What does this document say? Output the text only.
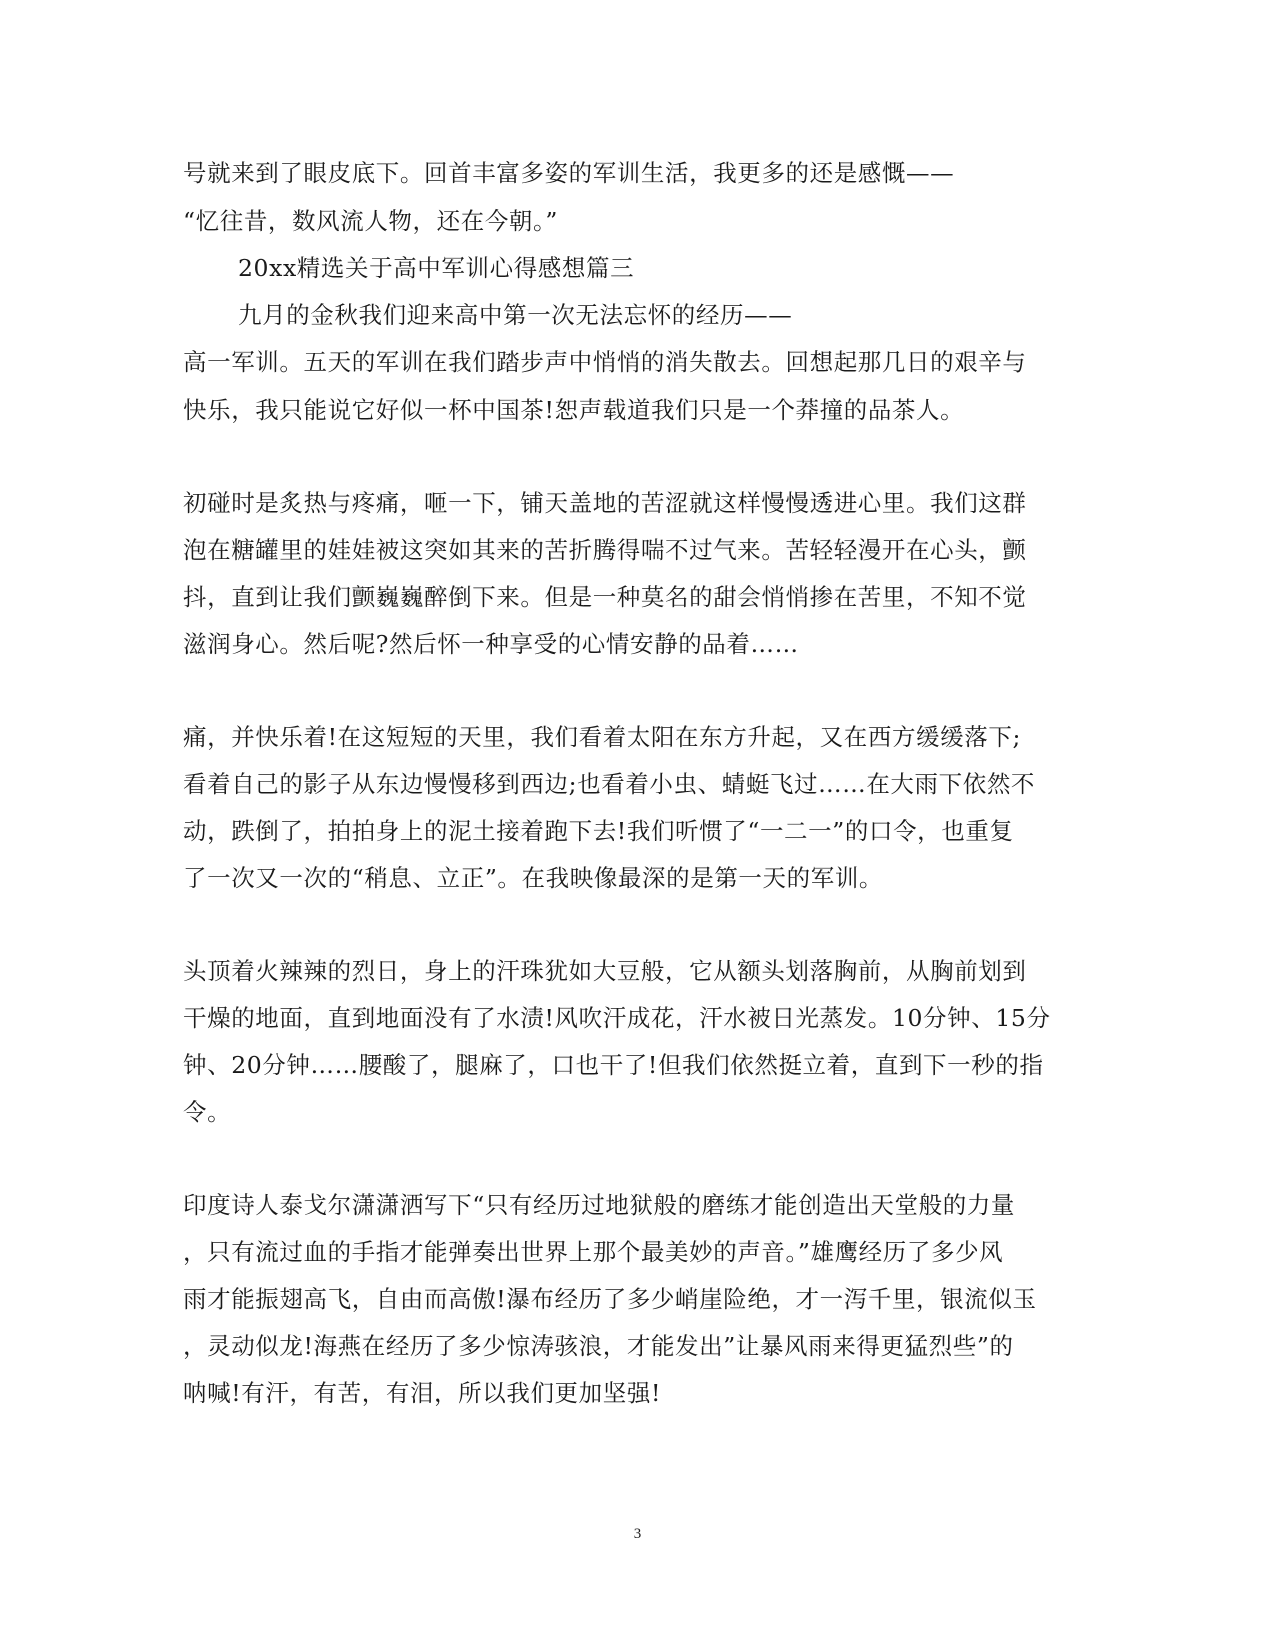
号就来到了眼皮底下。回首丰富多姿的军训生活，我更多的还是感慨——
“忆往昔，数风流人物，还在今朝。”
20xx精选关于高中军训心得感想篇三
九月的金秋我们迎来高中第一次无法忘怀的经历——
高一军训。五天的军训在我们踏步声中悄悄的消失散去。回想起那几日的艰辛与
快乐，我只能说它好似一杯中国茶!恕声载道我们只是一个莽撞的品茶人。
初碰时是炙热与疼痛，咂一下，铺天盖地的苦涩就这样慢慢透进心里。我们这群
泡在糖罐里的娃娃被这突如其来的苦折腾得喘不过气来。苦轻轻漫开在心头，颤
抖，直到让我们颤巍巍醉倒下来。但是一种莫名的甜会悄悄掺在苦里，不知不觉
滋润身心。然后呢?然后怀一种享受的心情安静的品着……
痛，并快乐着!在这短短的天里，我们看着太阳在东方升起，又在西方缓缓落下;
看着自己的影子从东边慢慢移到西边;也看着小虫、蜻蜓飞过……在大雨下依然不
动，跌倒了，拍拍身上的泥土接着跑下去!我们听惯了“一二一”的口令，也重复
了一次又一次的“稍息、立正”。在我映像最深的是第一天的军训。
头顶着火辣辣的烈日，身上的汗珠犹如大豆般，它从额头划落胸前，从胸前划到
干燥的地面，直到地面没有了水渍!风吹汗成花，汗水被日光蒸发。10分钟、15分
钟、20分钟……腰酸了，腿麻了，口也干了!但我们依然挺立着，直到下一秒的指
令。
印度诗人泰戈尔潇潇洒写下“只有经历过地狱般的磨练才能创造出天堂般的力量
，只有流过血的手指才能弹奏出世界上那个最美妙的声音。”雄鹰经历了多少风
雨才能振翅高飞，自由而高傲!瀑布经历了多少峭崖险绝，才一泻千里，银流似玉
，灵动似龙!海燕在经历了多少惊涛骇浪，才能发出”让暴风雨来得更猛烈些”的
呐喊!有汗，有苦，有泪，所以我们更加坚强!
3
